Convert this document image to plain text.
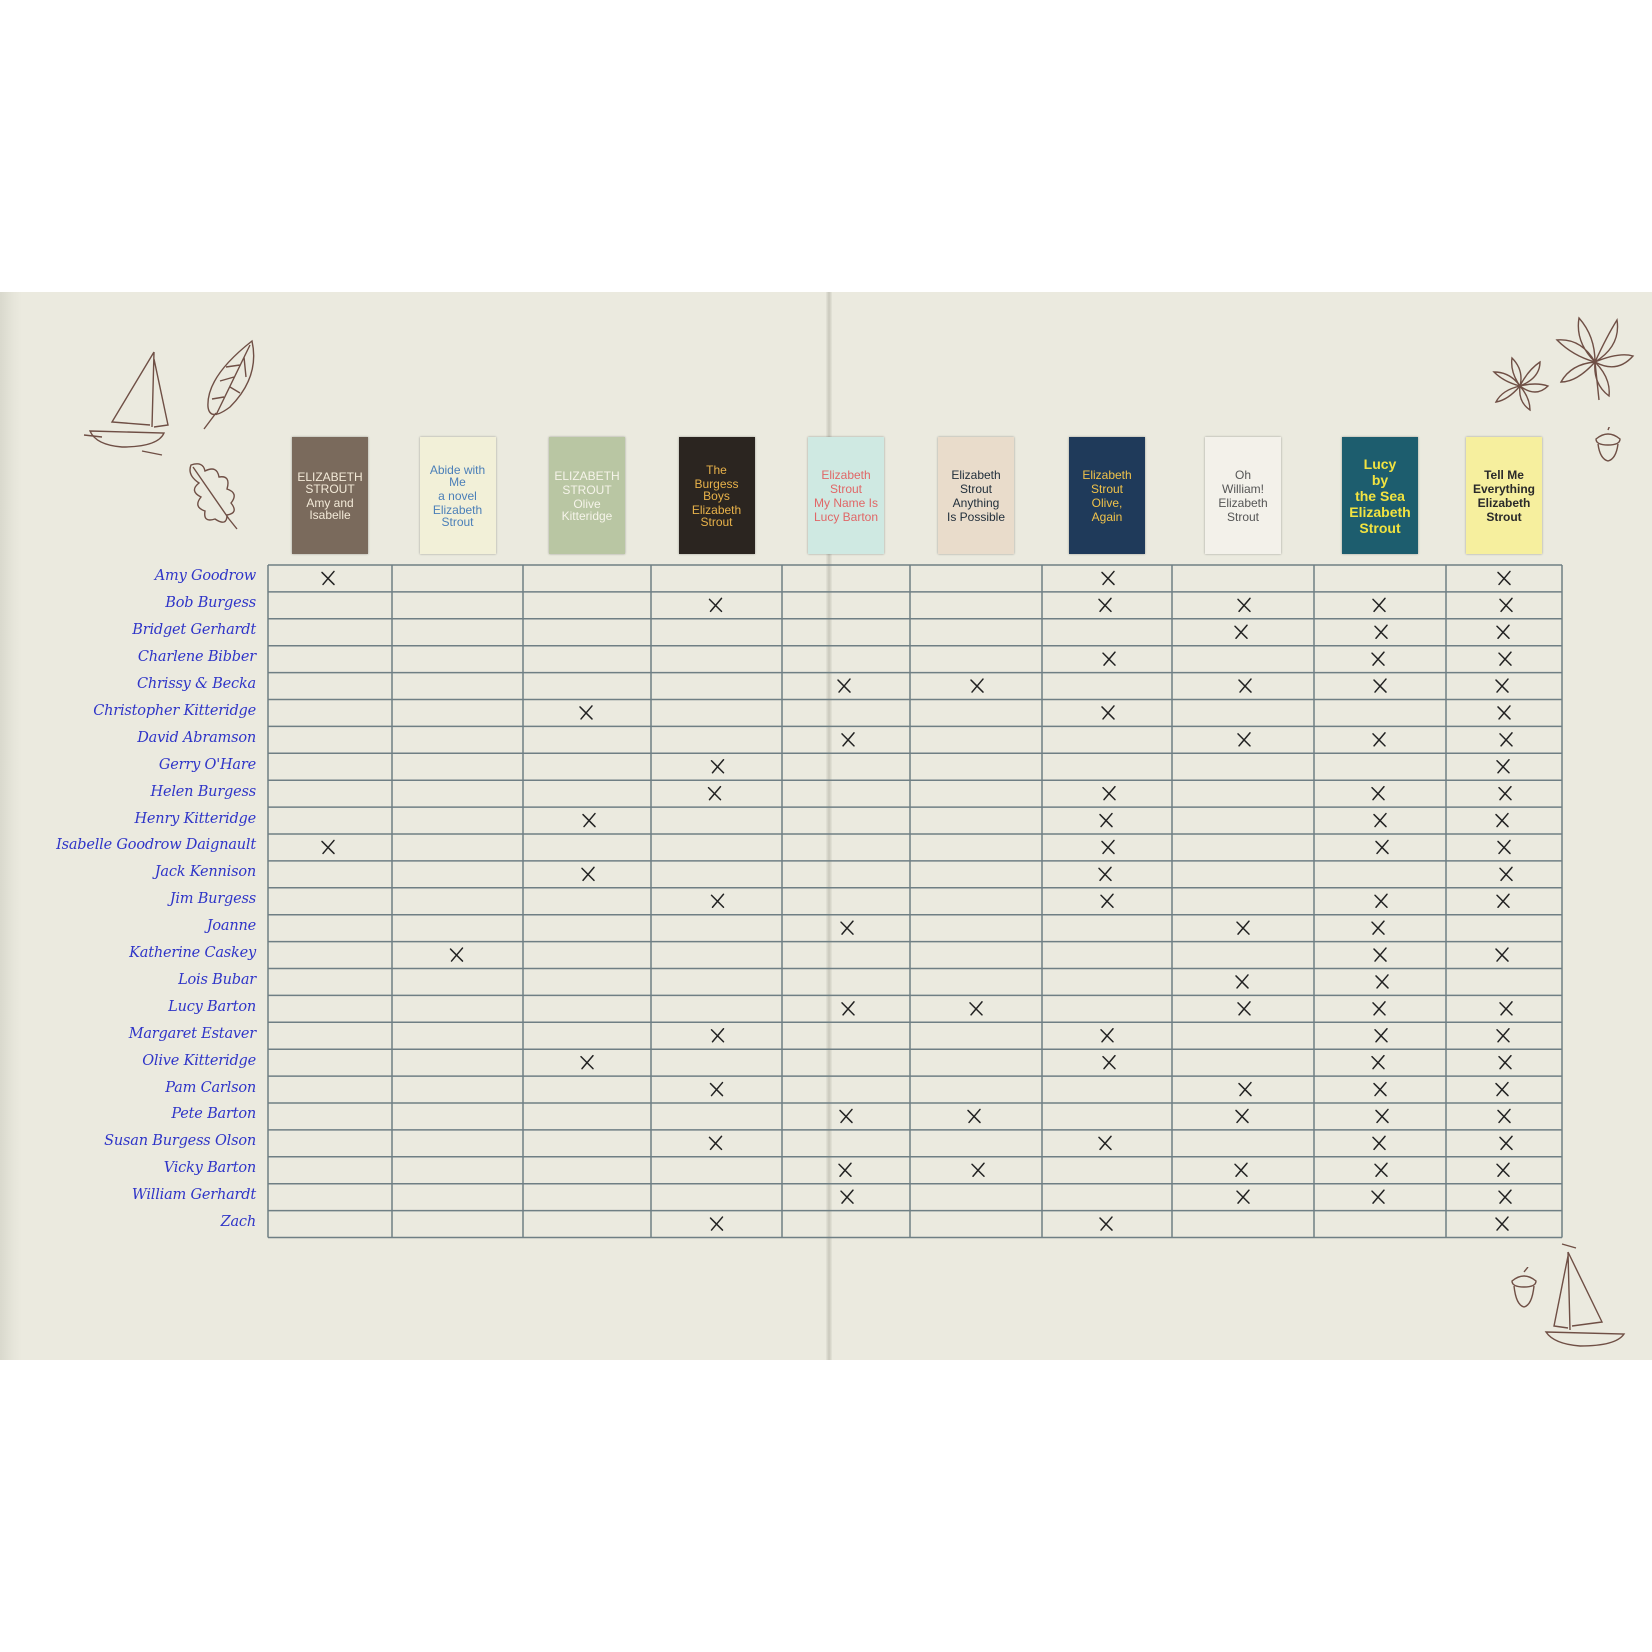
ELIZABETH STROUT
Amy and Isabelle
Abide with Me
a novel
Elizabeth Strout
ELIZABETH
STROUT
Olive Kitteridge
The
Burgess Boys
Elizabeth Strout
Elizabeth
Strout
My Name Is
Lucy Barton
Elizabeth
Strout
Anything
Is Possible
Elizabeth
Strout
Olive,
Again
Oh
William!
Elizabeth
Strout
Lucy
by
the Sea
Elizabeth
Strout
Tell Me
Everything
Elizabeth
Strout
Amy Goodrow
Bob Burgess
Bridget Gerhardt
Charlene Bibber
Chrissy & Becka
Christopher Kitteridge
David Abramson
Gerry O'Hare
Helen Burgess
Henry Kitteridge
Isabelle Goodrow Daignault
Jack Kennison
Jim Burgess
Joanne
Katherine Caskey
Lois Bubar
Lucy Barton
Margaret Estaver
Olive Kitteridge
Pam Carlson
Pete Barton
Susan Burgess Olson
Vicky Barton
William Gerhardt
Zach
